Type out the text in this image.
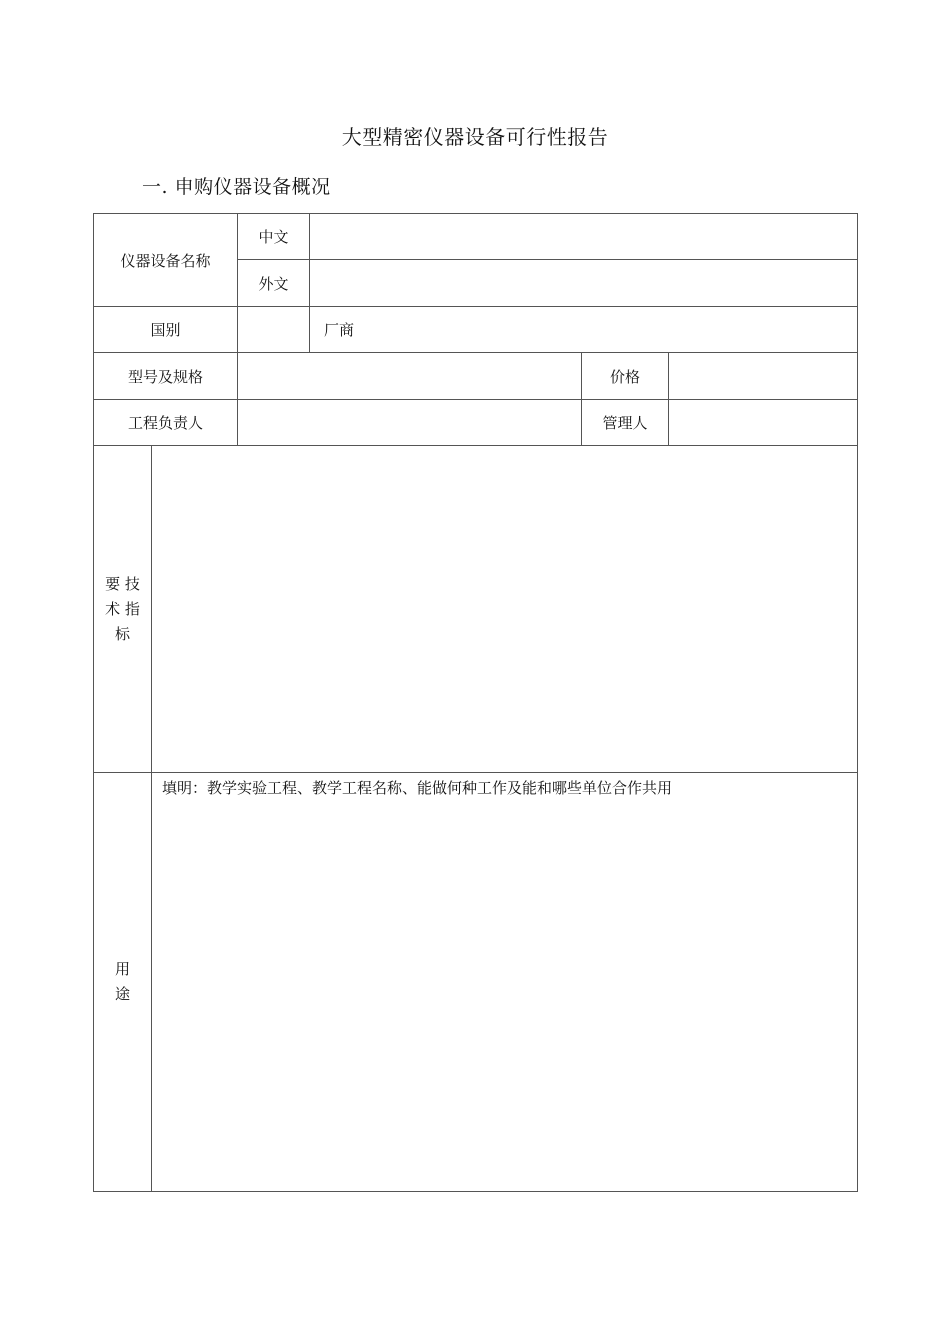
大型精密仪器设备可行性报告
一. 申购仪器设备概况
仪器设备名称		中文			
		外文			
国别			厂商		
型号及规格				价格	
工程负责人				管理人	

要 技
术 指
标					

用
途	填明：教学实验工程、教学工程名称、能做何种工作及能和哪些单位合作共用				
